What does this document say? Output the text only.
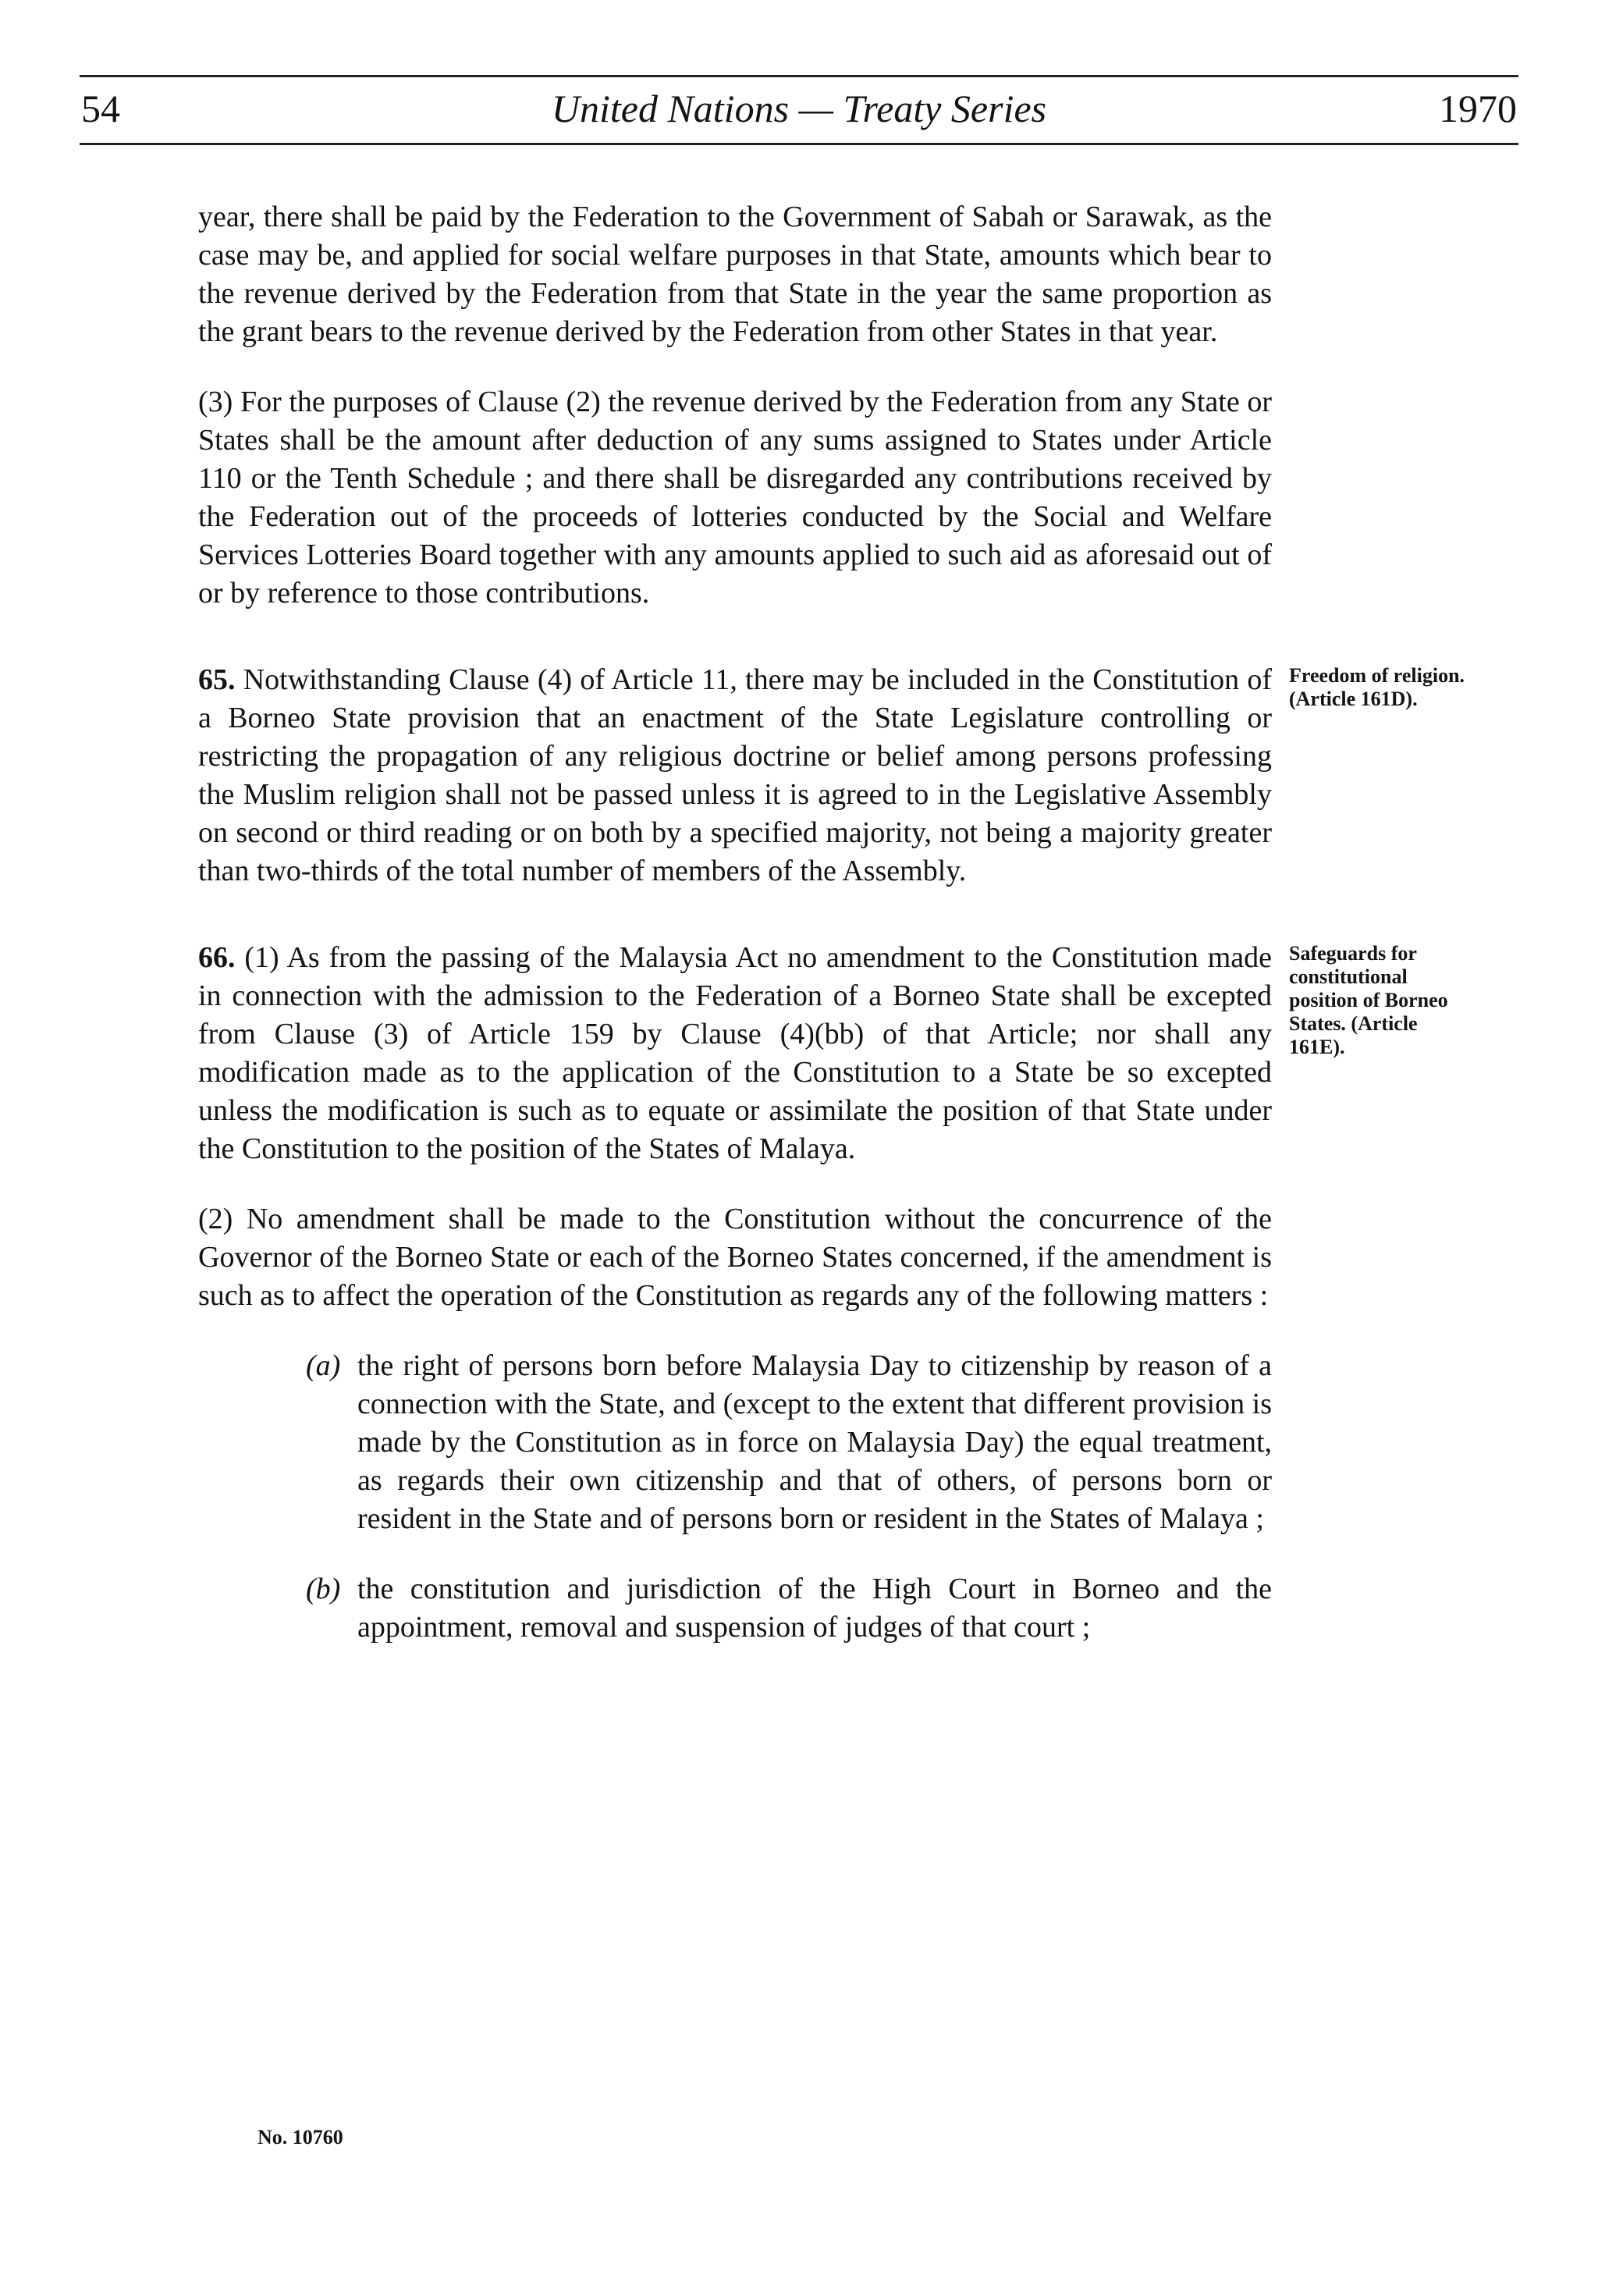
54	United Nations — Treaty Series	1970

year, there shall be paid by the Federation to the Government of Sabah or Sarawak, as the case may be, and applied for social welfare purposes in that State, amounts which bear to the revenue derived by the Federation from that State in the year the same proportion as the grant bears to the revenue derived by the Federation from other States in that year.

(3) For the purposes of Clause (2) the revenue derived by the Federation from any State or States shall be the amount after deduction of any sums assigned to States under Article 110 or the Tenth Schedule ; and there shall be disregarded any contributions received by the Federation out of the proceeds of lotteries conducted by the Social and Welfare Services Lotteries Board together with any amounts applied to such aid as aforesaid out of or by reference to those contributions.

65. Notwithstanding Clause (4) of Article 11, there may be included in the Constitution of a Borneo State provision that an enactment of the State Legislature controlling or restricting the propagation of any religious doctrine or belief among persons professing the Muslim religion shall not be passed unless it is agreed to in the Legislative Assembly on second or third reading or on both by a specified majority, not being a majority greater than two-thirds of the total number of members of the Assembly.

Freedom of religion. (Article 161D).

66. (1) As from the passing of the Malaysia Act no amendment to the Constitution made in connection with the admission to the Federation of a Borneo State shall be excepted from Clause (3) of Article 159 by Clause (4)(bb) of that Article; nor shall any modification made as to the application of the Constitution to a State be so excepted unless the modification is such as to equate or assimilate the position of that State under the Constitution to the position of the States of Malaya.

Safeguards for constitutional position of Borneo States. (Article 161E).

(2) No amendment shall be made to the Constitution without the concurrence of the Governor of the Borneo State or each of the Borneo States concerned, if the amendment is such as to affect the operation of the Constitution as regards any of the following matters :

(a) the right of persons born before Malaysia Day to citizenship by reason of a connection with the State, and (except to the extent that different provision is made by the Constitution as in force on Malaysia Day) the equal treatment, as regards their own citizenship and that of others, of persons born or resident in the State and of persons born or resident in the States of Malaya ;

(b) the constitution and jurisdiction of the High Court in Borneo and the appointment, removal and suspension of judges of that court ;

No. 10760
